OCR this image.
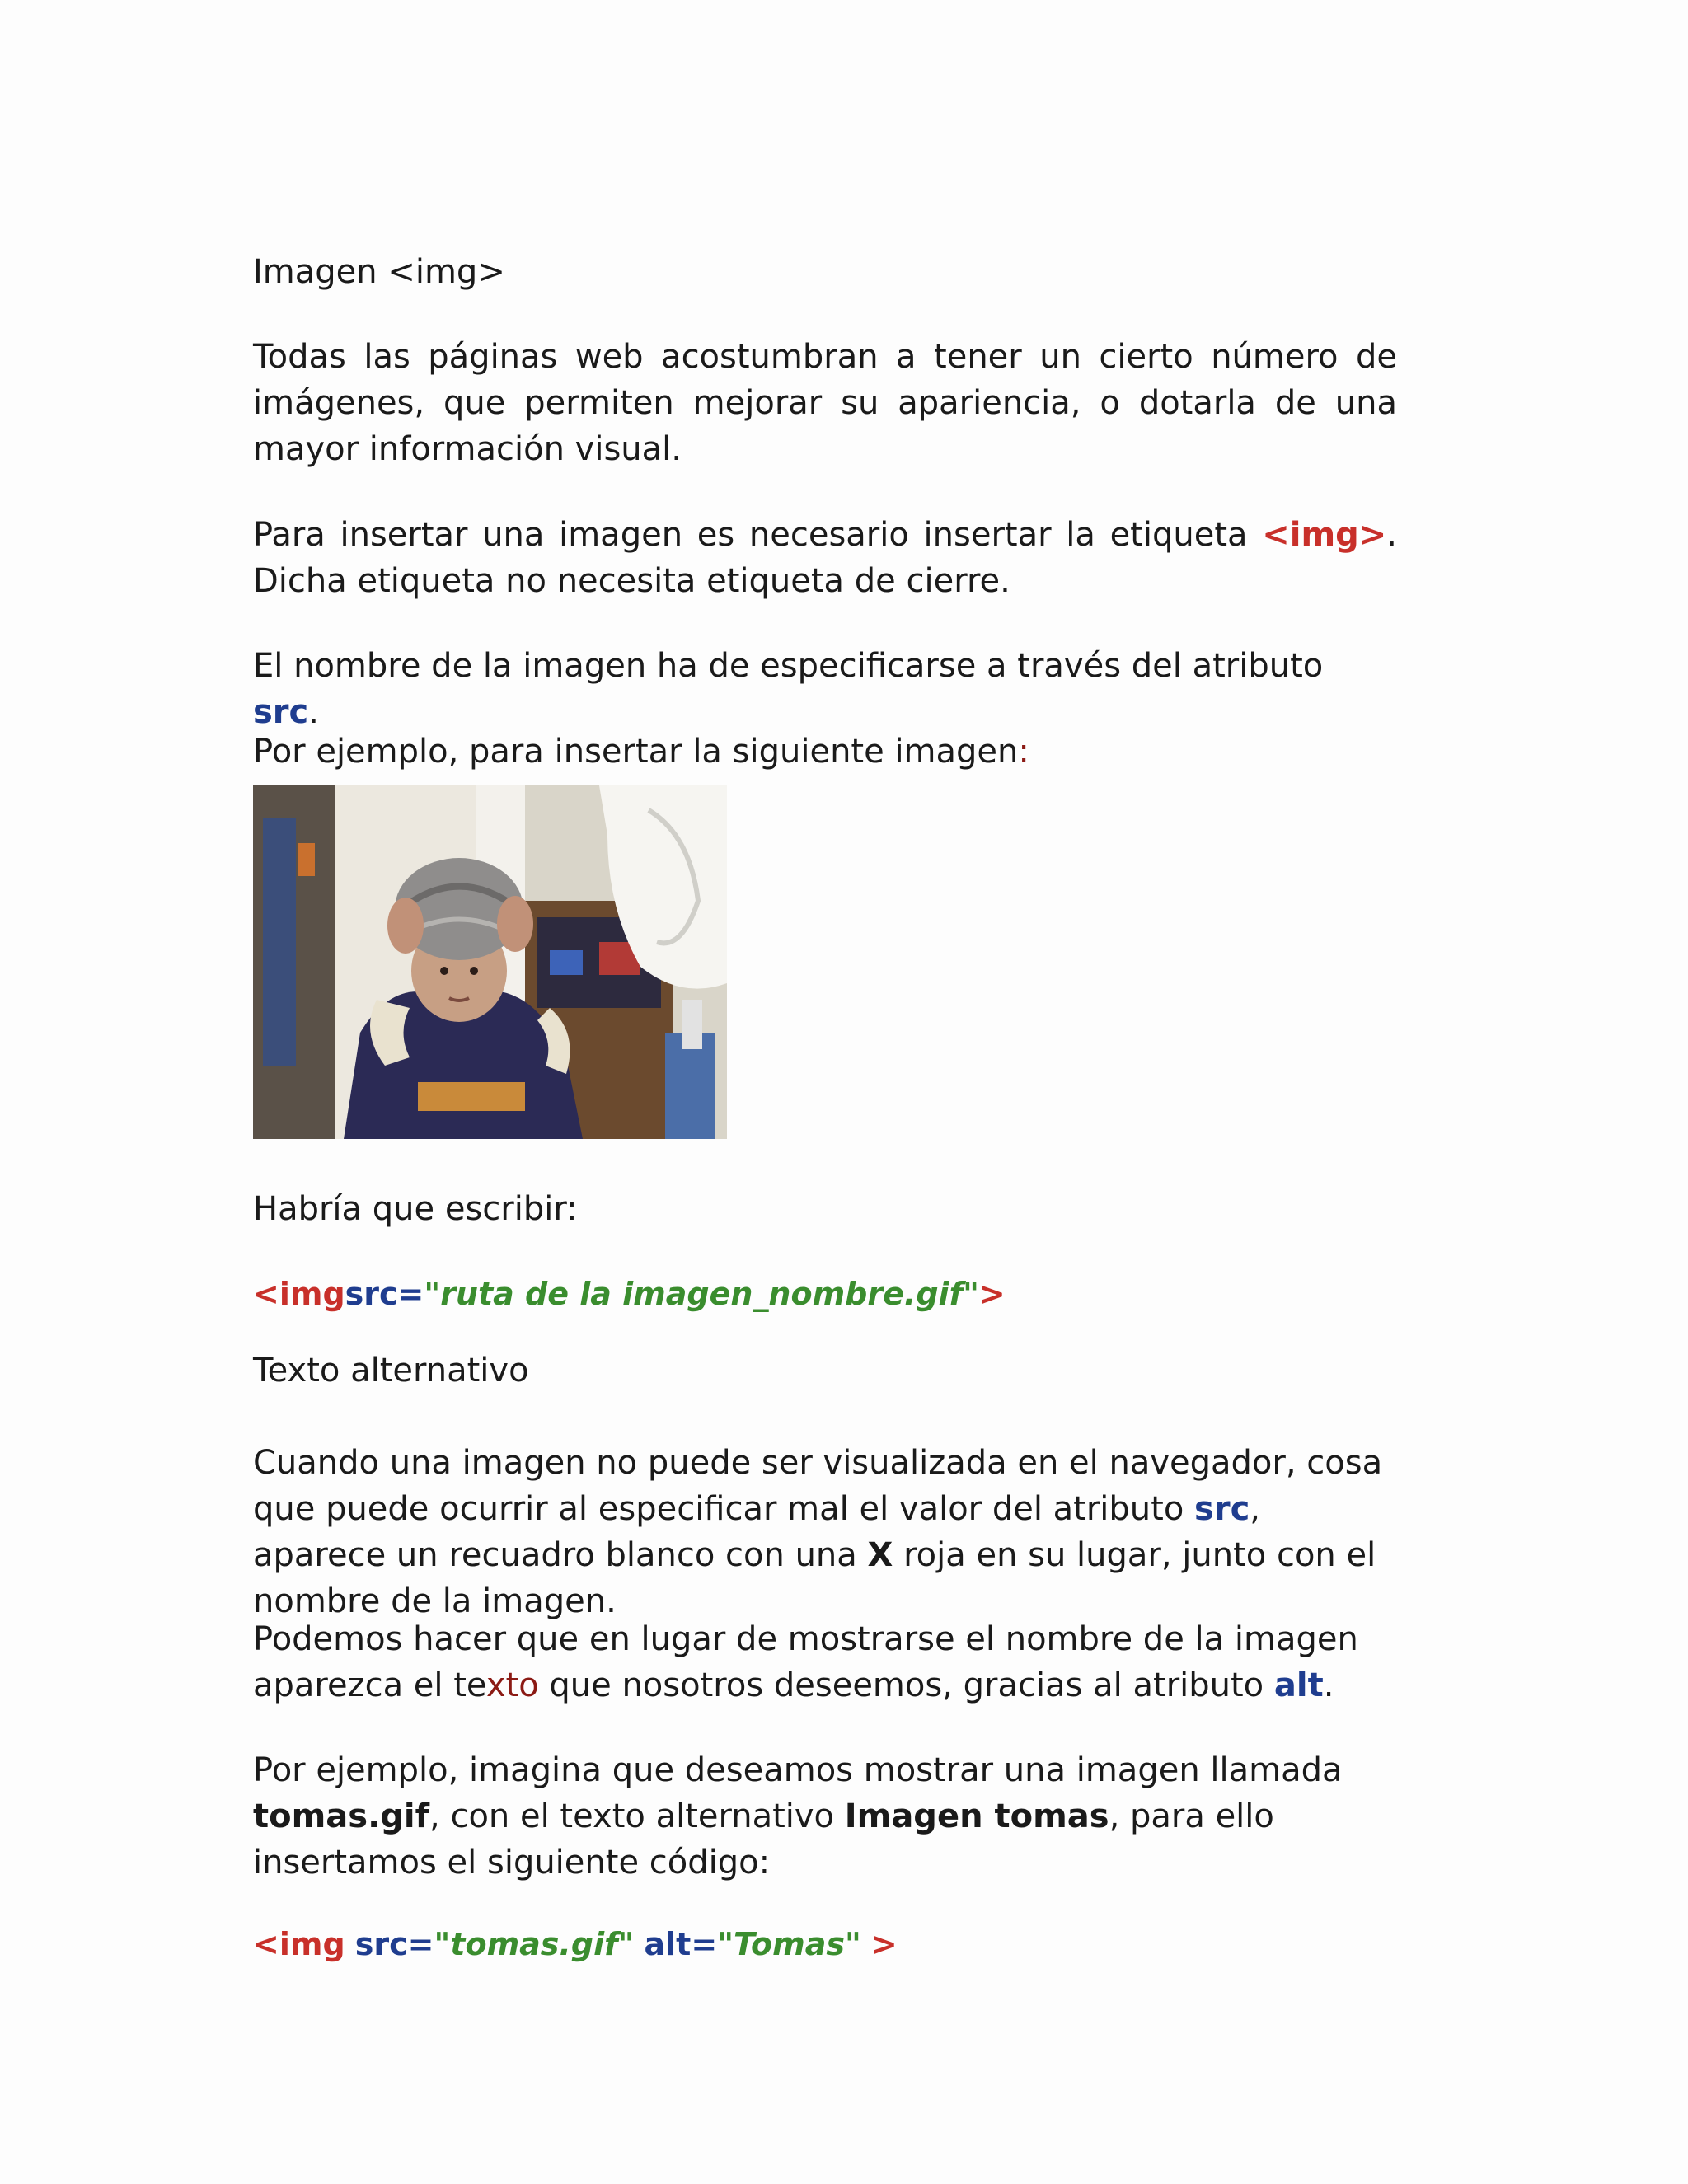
Imagen <img>

Todas las páginas web acostumbran a tener un cierto número de imágenes, que permiten mejorar su apariencia, o dotarla de una mayor información visual.

Para insertar una imagen es necesario insertar la etiqueta <img>. Dicha etiqueta no necesita etiqueta de cierre.

El nombre de la imagen ha de especificarse a través del atributo src.

Por ejemplo, para insertar la siguiente imagen:

Habría que escribir:

<imgsrc="ruta de la imagen_nombre.gif">

Texto alternativo

Cuando una imagen no puede ser visualizada en el navegador, cosa que puede ocurrir al especificar mal el valor del atributo src, aparece un recuadro blanco con una X roja en su lugar, junto con el nombre de la imagen.

Podemos hacer que en lugar de mostrarse el nombre de la imagen aparezca el texto que nosotros deseemos, gracias al atributo alt.

Por ejemplo, imagina que deseamos mostrar una imagen llamada tomas.gif, con el texto alternativo Imagen tomas, para ello insertamos el siguiente código:

<img src="tomas.gif" alt="Tomas" >
